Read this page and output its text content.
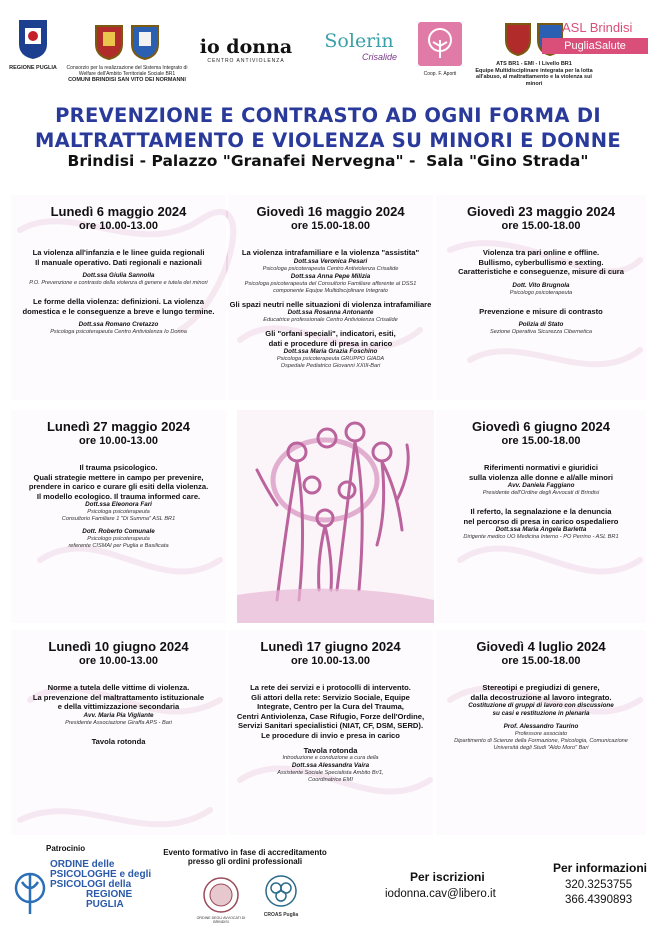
REGIONE PUGLIA Consorzio per la realizzazione del Sistema Integrato di Welfare dell'Ambito Territoriale Sociale BR1
COMUNI BRINDISI SAN VITO DEI NORMANNI
io donna
CENTRO ANTIVIOLENZA
Solerin
Crisalide
Coop. F. Aporti
ATS BR1 - EMI - I Livello BR1
Equipe Multidisciplinare integrata per la lotta all'abuso, al maltrattamento e la violenza sui minori
ASL Brindisi
PugliaSalute
PREVENZIONE E CONTRASTO AD OGNI FORMA DI
MALTRATTAMENTO E VIOLENZA SU MINORI E DONNE
Brindisi - Palazzo "Granafei Nervegna" -  Sala "Gino Strada"
Lunedì 6 maggio 2024
ore 10.00-13.00
La violenza all'infanzia e le linee guida regionali
Il manuale operativo. Dati regionali e nazionali
Dott.ssa Giulia Sannolla
P.O. Prevenzione e contrasto della violenza di genere e tutela dei minori
Le forme della violenza: definizioni. La violenza
domestica e le conseguenze a breve e lungo termine.
Dott.ssa Romano Cretazzo
Psicologa psicoterapeuta Centro Antiviolenza Io Donna
Giovedì 16 maggio 2024
ore 15.00-18.00
La violenza intrafamiliare e la violenza "assistita"
Dott.ssa Veronica Pesari
Psicologa psicoterapeuta Centro Antiviolenza Crisalide
Dott.ssa Anna Pepe Milizia
Psicologa psicoterapeuta del Consultorio Familiare afferente al DSS1
componente Equipe Multidisciplinare Integrato
Gli spazi neutri nelle situazioni di violenza intrafamiliare
Dott.ssa Rosanna Antonante
Educatrice professionale Centro Antiviolenza Crisalide
Gli "orfani speciali", indicatori, esiti,
dati e procedure di presa in carico
Dott.ssa Maria Grazia Foschino
Psicologa psicoterapeuta GRUPPO GIADA
Ospedale Pediatrico Giovanni XXIII-Bari
Giovedì 23 maggio 2024
ore 15.00-18.00
Violenza tra pari online e offline.
Bullismo, cyberbullismo e sexting.
Caratteristiche e conseguenze, misure di cura
Dott. Vito Brugnola
Psicologo psicoterapeuta
Prevenzione e misure di contrasto
Polizia di Stato
Sezione Operativa Sicurezza Cibernetica
Lunedì 27 maggio 2024
ore 10.00-13.00
Il trauma psicologico.
Quali strategie mettere in campo per prevenire,
prendere in carico e curare gli esiti della violenza.
Il modello ecologico. Il trauma informed care.
Dott.ssa Eleonora Fari
Psicologa psicoterapeuta
Consultorio Familiare 1 "Di Summa" ASL BR1
Dott. Roberto Comunale
Psicologo psicoterapeuta
referente CISMAI per Puglia e Basilicata
Giovedì 6 giugno 2024
ore 15.00-18.00
Riferimenti normativi e giuridici
sulla violenza alle donne e al/alle minori
Avv. Daniela Faggiano
Presidente dell'Ordine degli Avvocati di Brindisi
Il referto, la segnalazione e la denuncia
nel percorso di presa in carico ospedaliero
Dott.ssa Maria Angela Barletta
Dirigente medico UO Medicina Interno - PO Perrino - ASL BR1
Lunedì 10 giugno 2024
ore 10.00-13.00
Norme a tutela delle vittime di violenza.
La prevenzione del maltrattamento istituzionale
e della vittimizzazione secondaria
Avv. Maria Pia Vigliante
Presidente Associazione Giraffa APS - Bari
Tavola rotonda
Lunedì 17 giugno 2024
ore 10.00-13.00
La rete dei servizi e i protocolli di intervento.
Gli attori della rete: Servizio Sociale, Equipe
Integrate, Centro per la Cura del Trauma,
Centri Antiviolenza, Case Rifugio, Forze dell'Ordine,
Servizi Sanitari specialistici (NIAT, CF, DSM, SERD).
Le procedure di invio e presa in carico
Tavola rotonda
Introduzione e conduzione a cura della
Dott.ssa Alessandra Vaira
Assistente Sociale Specialista Ambito Br/1,
Coordinatrice EMI
Giovedì 4 luglio 2024
ore 15.00-18.00
Stereotipi e pregiudizi di genere,
dalla decostruzione al lavoro integrato.
Costituzione di gruppi di lavoro con discussione
su casi e restituzione in plenaria
Prof. Alessandro Taurino
Professore associato
Dipartimento di Scienze della Formazione, Psicologia, Comunicazione
Università degli Studi "Aldo Moro" Bari
Patrocinio
ORDINE delle
PSICOLOGHE e degli
PSICOLOGI della
REGIONE
PUGLIA
Evento formativo in fase di accreditamento
presso gli ordini professionali
ORDINE DEGLI AVVOCATI DI BRINDISI
CROAS Puglia
Per iscrizioni
iodonna.cav@libero.it
Per informazioni
320.3253755
366.4390893
